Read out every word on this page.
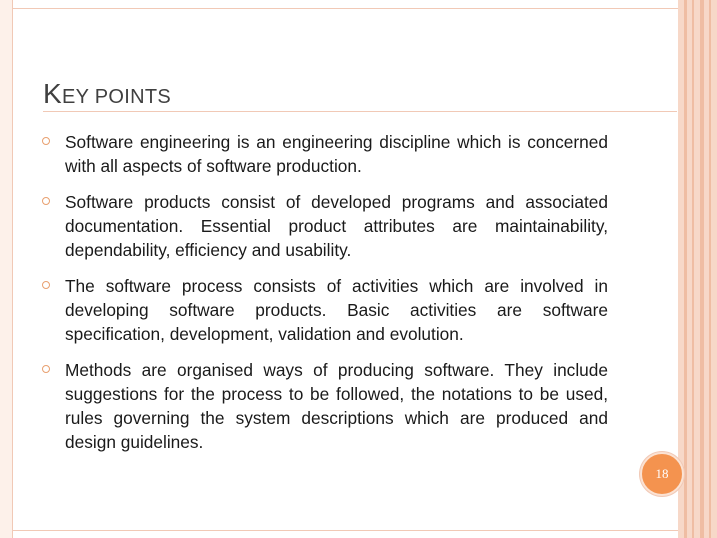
KEY POINTS
Software engineering is an engineering discipline which is concerned with all aspects of software production.
Software products consist of developed programs and associated documentation. Essential product attributes are maintainability, dependability, efficiency and usability.
The software process consists of activities which are involved in developing software products. Basic activities are software specification, development, validation and evolution.
Methods are organised ways of producing software. They include suggestions for the process to be followed, the notations to be used, rules governing the system descriptions which are produced and design guidelines.
18
